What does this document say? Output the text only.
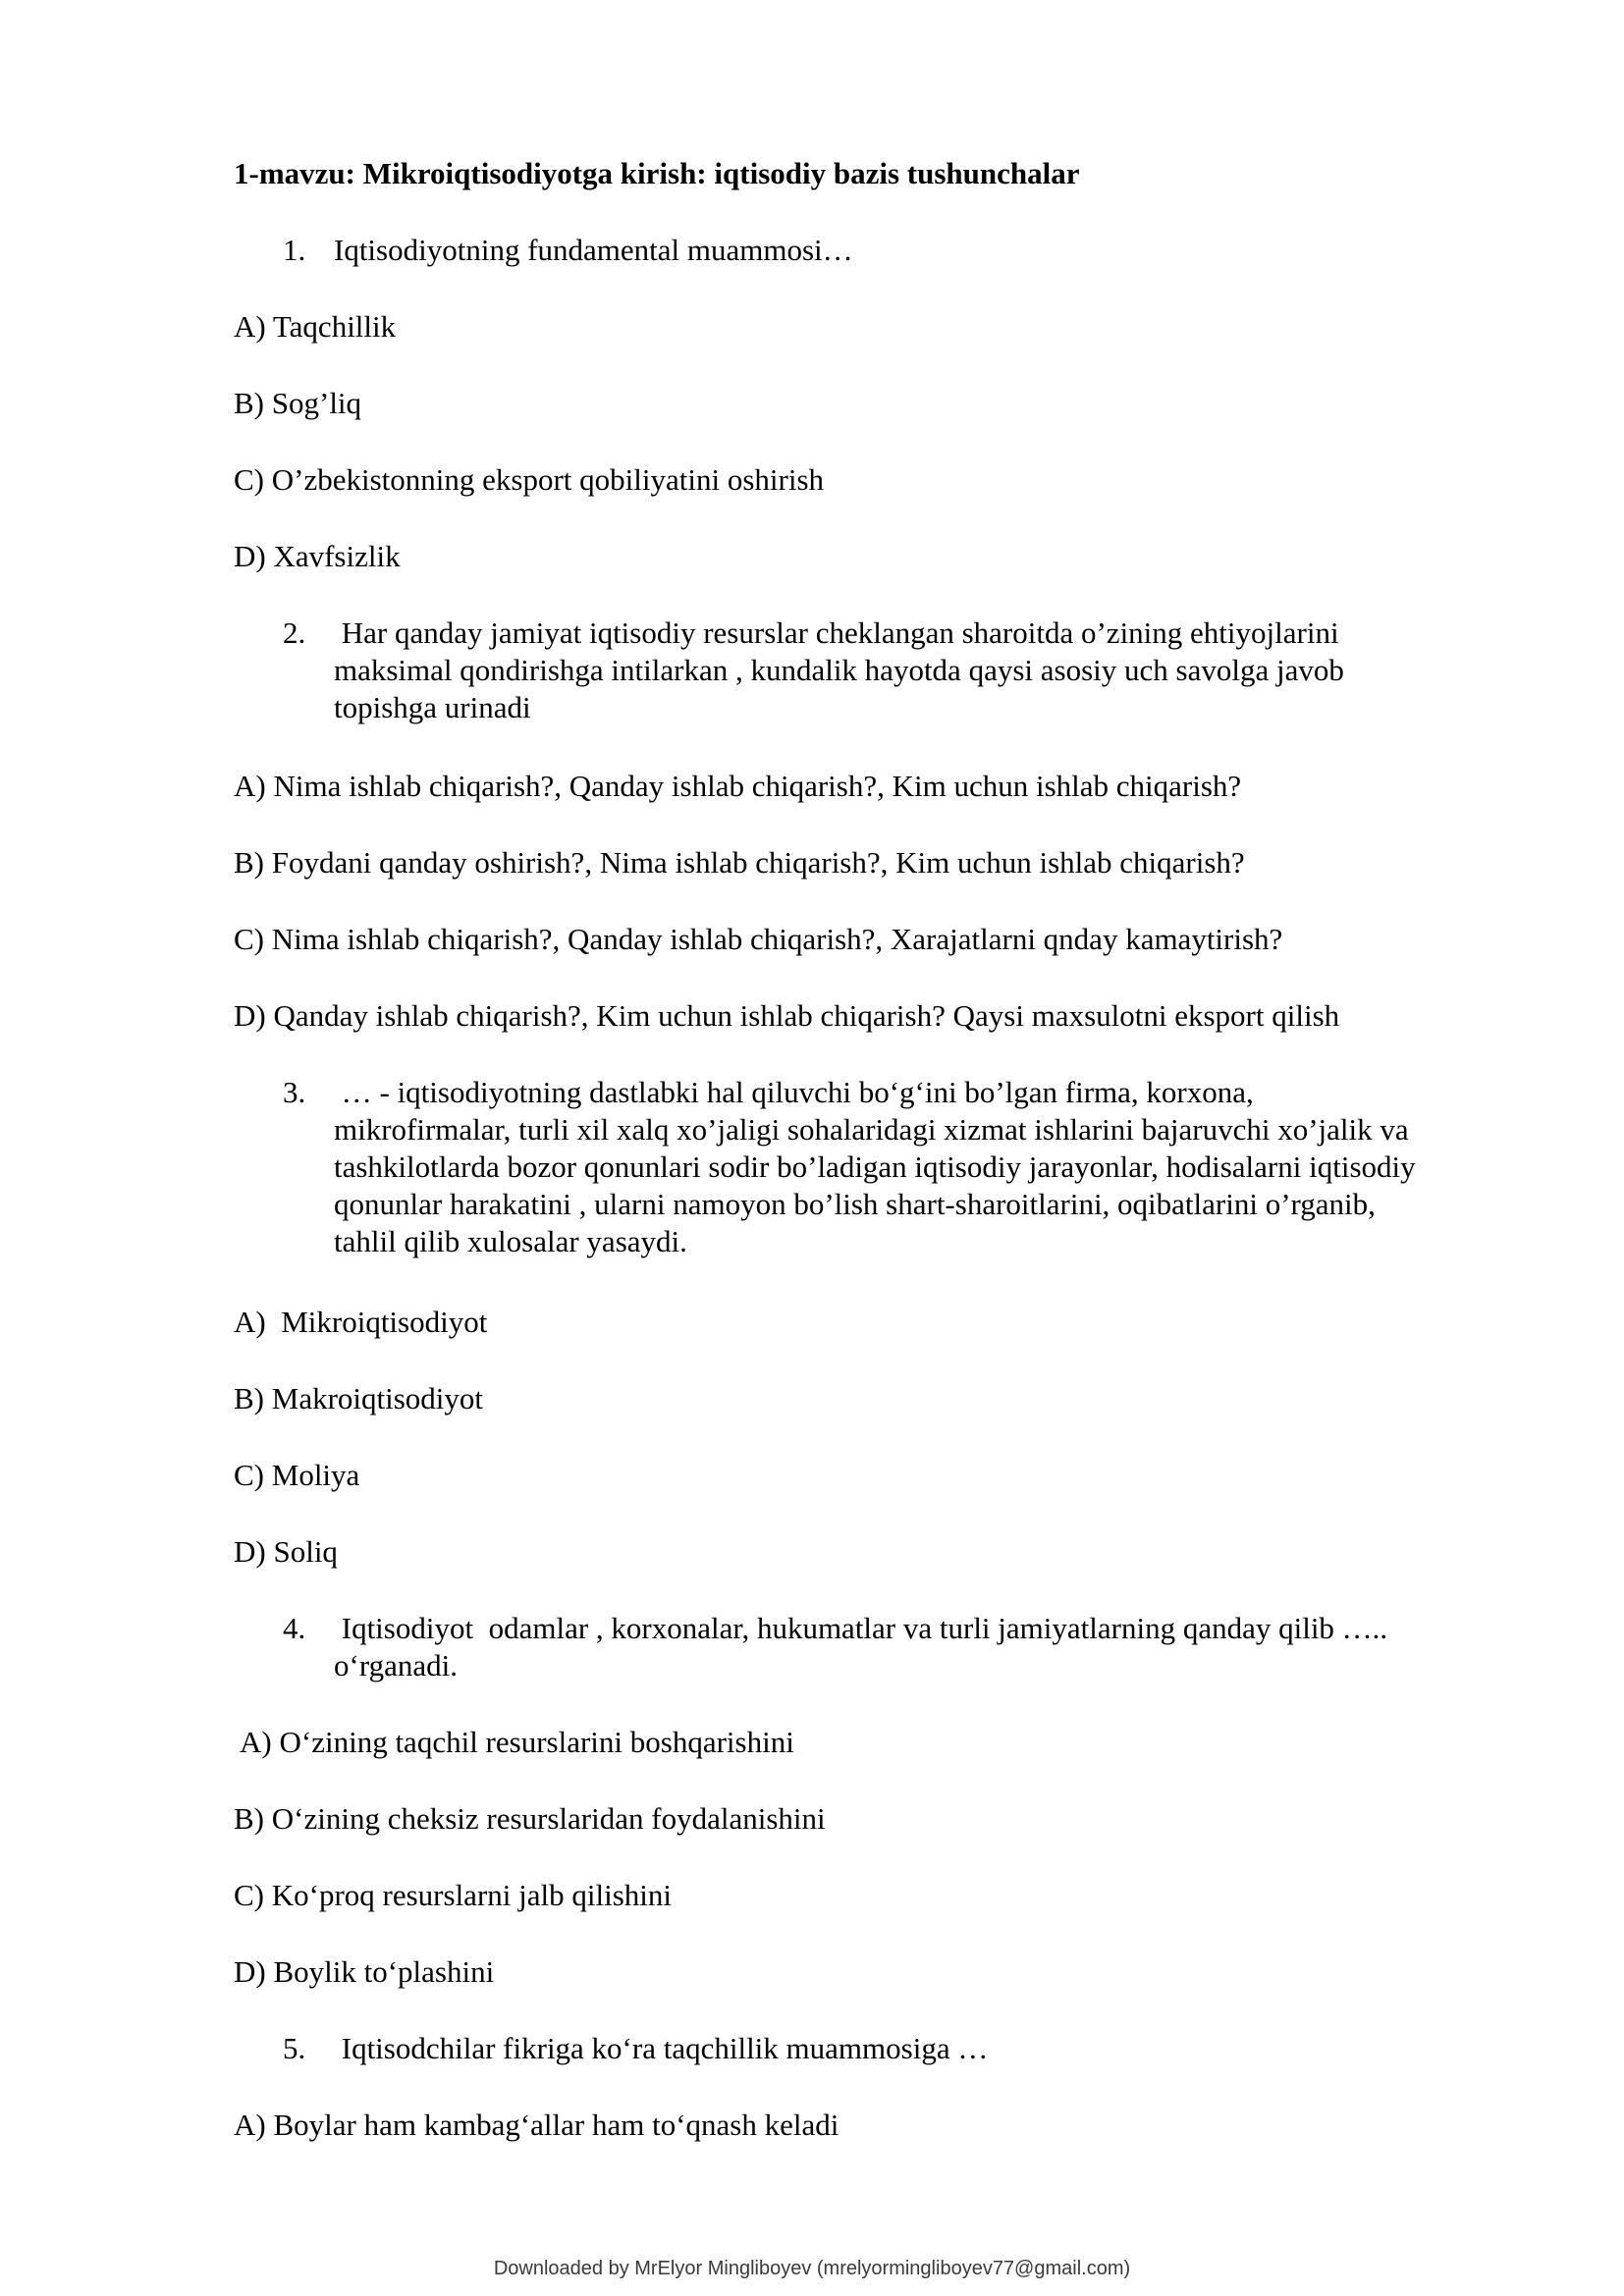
1-mavzu: Mikroiqtisodiyotga kirish: iqtisodiy bazis tushunchalar
1. Iqtisodiyotning fundamental muammosi…
A) Taqchillik
B) Sog’liq
C) O’zbekistonning eksport qobiliyatini oshirish
D) Xavfsizlik
2. Har qanday jamiyat iqtisodiy resurslar cheklangan sharoitda o’zining ehtiyojlarini
maksimal qondirishga intilarkan , kundalik hayotda qaysi asosiy uch savolga javob
topishga urinadi
A) Nima ishlab chiqarish?, Qanday ishlab chiqarish?, Kim uchun ishlab chiqarish?
B) Foydani qanday oshirish?, Nima ishlab chiqarish?, Kim uchun ishlab chiqarish?
C) Nima ishlab chiqarish?, Qanday ishlab chiqarish?, Xarajatlarni qnday kamaytirish?
D) Qanday ishlab chiqarish?, Kim uchun ishlab chiqarish? Qaysi maxsulotni eksport qilish
3. … - iqtisodiyotning dastlabki hal qiluvchi bo‘g‘ini bo’lgan firma, korxona,
mikrofirmalar, turli xil xalq xo’jaligi sohalaridagi xizmat ishlarini bajaruvchi xo’jalik va
tashkilotlarda bozor qonunlari sodir bo’ladigan iqtisodiy jarayonlar, hodisalarni iqtisodiy
qonunlar harakatini , ularni namoyon bo’lish shart-sharoitlarini, oqibatlarini o’rganib,
tahlil qilib xulosalar yasaydi.
A)  Mikroiqtisodiyot
B) Makroiqtisodiyot
C) Moliya
D) Soliq
4. Iqtisodiyot  odamlar , korxonalar, hukumatlar va turli jamiyatlarning qanday qilib …..
o‘rganadi.
A) O‘zining taqchil resurslarini boshqarishini
B) O‘zining cheksiz resurslaridan foydalanishini
C) Ko‘proq resurslarni jalb qilishini
D) Boylik to‘plashini
5. Iqtisodchilar fikriga ko‘ra taqchillik muammosiga …
A) Boylar ham kambag‘allar ham to‘qnash keladi
Downloaded by MrElyor Mingliboyev (mrelyormingliboyev77@gmail.com)
